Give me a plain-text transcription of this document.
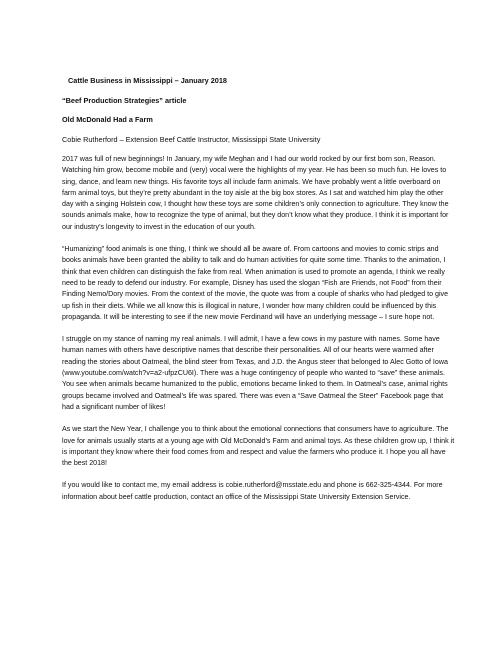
Cattle Business in Mississippi – January 2018

“Beef Production Strategies” article

Old McDonald Had a Farm

Cobie Rutherford – Extension Beef Cattle Instructor, Mississippi State University

2017 was full of new beginnings! In January, my wife Meghan and I had our world rocked by our first born son, Reason. Watching him grow, become mobile and (very) vocal were the highlights of my year. He has been so much fun. He loves to sing, dance, and learn new things. His favorite toys all include farm animals. We have probably went a little overboard on farm animal toys, but they’re pretty abundant in the toy aisle at the big box stores. As I sat and watched him play the other day with a singing Holstein cow, I thought how these toys are some children’s only connection to agriculture. They know the sounds animals make, how to recognize the type of animal, but they don’t know what they produce. I think it is important for our industry’s longevity to invest in the education of our youth.

“Humanizing” food animals is one thing, I think we should all be aware of. From cartoons and movies to comic strips and books animals have been granted the ability to talk and do human activities for quite some time. Thanks to the animation, I think that even children can distinguish the fake from real. When animation is used to promote an agenda, I think we really need to be ready to defend our industry. For example, Disney has used the slogan “Fish are Friends, not Food” from their Finding Nemo/Dory movies. From the context of the movie, the quote was from a couple of sharks who had pledged to give up fish in their diets. While we all know this is illogical in nature, I wonder how many children could be influenced by this propaganda. It will be interesting to see if the new movie Ferdinand will have an underlying message – I sure hope not.

I struggle on my stance of naming my real animals. I will admit, I have a few cows in my pasture with names. Some have human names with others have descriptive names that describe their personalities. All of our hearts were warmed after reading the stories about Oatmeal, the blind steer from Texas, and J.D. the Angus steer that belonged to Alec Gotto of Iowa (www.youtube.com/watch?v=a2-ufpzCU6I). There was a huge contingency of people who wanted to “save” these animals. You see when animals became humanized to the public, emotions became linked to them. In Oatmeal’s case, animal rights groups became involved and Oatmeal’s life was spared. There was even a “Save Oatmeal the Steer” Facebook page that had a significant number of likes!

As we start the New Year, I challenge you to think about the emotional connections that consumers have to agriculture. The love for animals usually starts at a young age with Old McDonald’s Farm and animal toys. As these children grow up, I think it is important they know where their food comes from and respect and value the farmers who produce it. I hope you all have the best 2018!

If you would like to contact me, my email address is cobie.rutherford@msstate.edu and phone is 662-325-4344. For more information about beef cattle production, contact an office of the Mississippi State University Extension Service.
